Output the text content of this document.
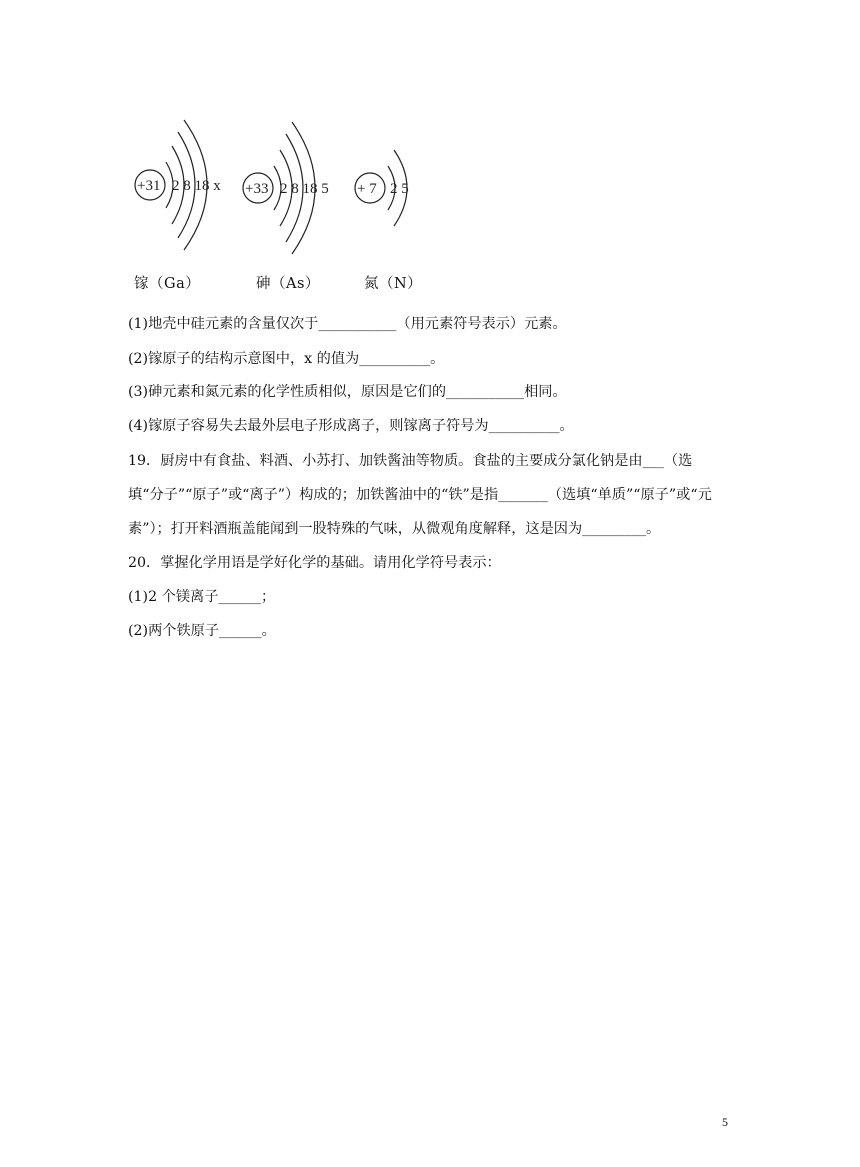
+31 2 8 18 x +33 2 8 18 5 + 7 2 5
镓（Ga）	砷（As）	氮（N）
(1)地壳中硅元素的含量仅次于___________（用元素符号表示）元素。
(2)镓原子的结构示意图中，x 的值为__________。
(3)砷元素和氮元素的化学性质相似，原因是它们的___________相同。
(4)镓原子容易失去最外层电子形成离子，则镓离子符号为__________。
19．厨房中有食盐、料酒、小苏打、加铁酱油等物质。食盐的主要成分氯化钠是由___（选
填“分子”“原子”或“离子”）构成的；加铁酱油中的“铁”是指_______（选填“单质”“原子”或“元
素”）；打开料酒瓶盖能闻到一股特殊的气味，从微观角度解释，这是因为_________。
20．掌握化学用语是学好化学的基础。请用化学符号表示：
(1)2 个镁离子______；
(2)两个铁原子______。
5
